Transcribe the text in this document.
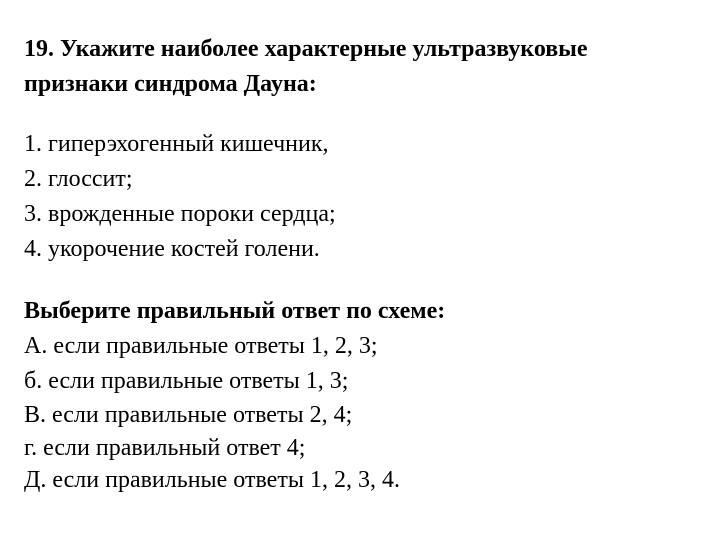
19. Укажите наиболее характерные ультразвуковые
признаки синдрома Дауна:
1. гиперэхогенный кишечник,
2. глоссит;
3. врожденные пороки сердца;
4. укорочение костей голени.
Выберите правильный ответ по схеме:
А. если правильные ответы 1, 2, 3;
б. если правильные ответы 1, 3;
В. если правильные ответы 2, 4;
г. если правильный ответ 4;
Д. если правильные ответы 1, 2, 3, 4.
